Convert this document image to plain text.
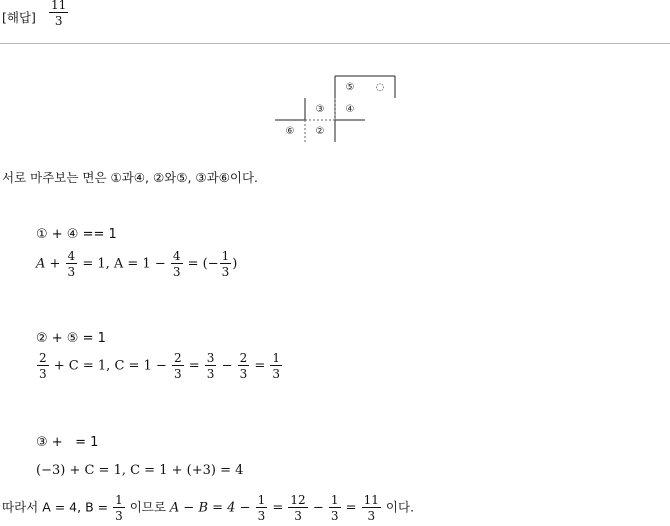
[해답] $\frac{11}{3}$
⑤ ◌
③ ④
⑥ ②
서로 마주보는 면은 ①과④, ②와⑤, ③과⑥이다.
① + ④ == 1
$A + \frac{4}{3} = 1$, $A = 1 - \frac{4}{3}$ = (− $\frac{1}{3}$ )
② + ⑤ = 1
$\frac{2}{3} + C = 1$, $C = 1 - \frac{2}{3} = \frac{3}{3} - \frac{2}{3} = \frac{1}{3}$
③ +   = 1
(−3) + C = 1, C = 1 + (+3) = 4
따라서 A = 4, $B = \frac{1}{3}$ 이므로 $A - B = 4 - \frac{1}{3} = \frac{12}{3} - \frac{1}{3} = \frac{11}{3}$ 이다.
